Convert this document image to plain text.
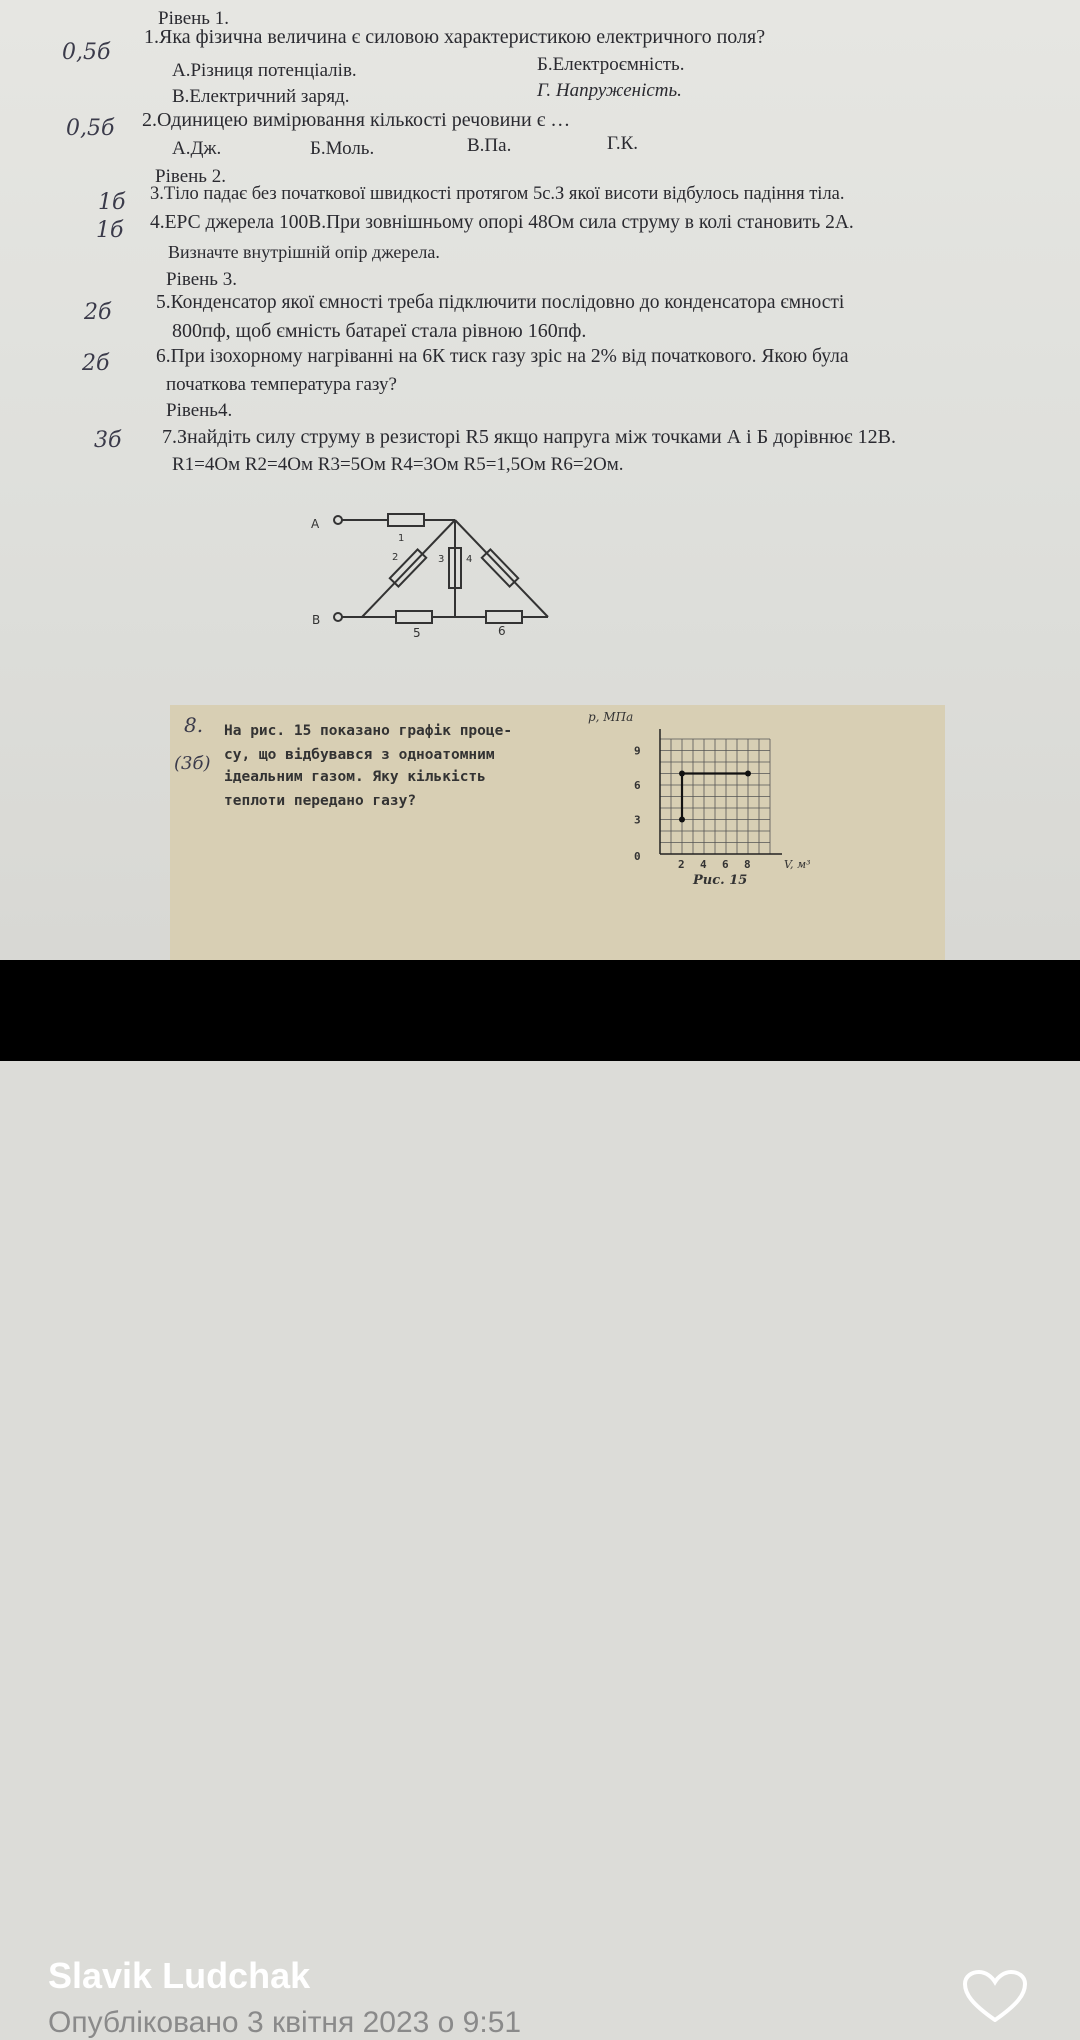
Рівень 1.
0,5б
1.Яка фізична величина є силовою характеристикою електричного поля?
А.Різниця потенціалів.	Б.Електроємність.
В.Електричний заряд.	Г. Напруженість.
0,5б 2.Одиницею вимірювання кількості речовини є …
А.Дж.	Б.Моль.	В.Па.	Г.К.
Рівень 2.
1б 3.Тіло падає без початкової швидкості протягом 5с.З якої висоти відбулось падіння тіла.
1б 4.ЕРС джерела 100В.При зовнішньому опорі 48Ом сила струму в колі становить 2А.
Визначте внутрішній опір джерела.
Рівень 3.
2б 5.Конденсатор якої ємності треба підключити послідовно до конденсатора ємності
800пф, щоб ємність батареї стала рівною 160пф.
2б 6.При ізохорному нагріванні на 6К тиск газу зріс на 2% від початкового. Якою була
початкова температура газу?
Рівень4.
3б 7.Знайдіть силу струму в резисторі R5 якщо напруга між точками А і Б дорівнює 12В.
R1=4Ом R2=4Ом R3=5Ом R4=3Ом R5=1,5Ом R6=2Ом.
А
В
1
2	3 4
5	6
8.
(3б)
На рис. 15 показано графік проце-
су, що відбувався з одноатомним
ідеальним газом. Яку кількість
теплоти передано газу?
2 4 6 8
3
6
9
0
p, МПа
V, м³
Рис. 15
Slavik Ludchak
Опубліковано 3 квітня 2023 о 9:51
